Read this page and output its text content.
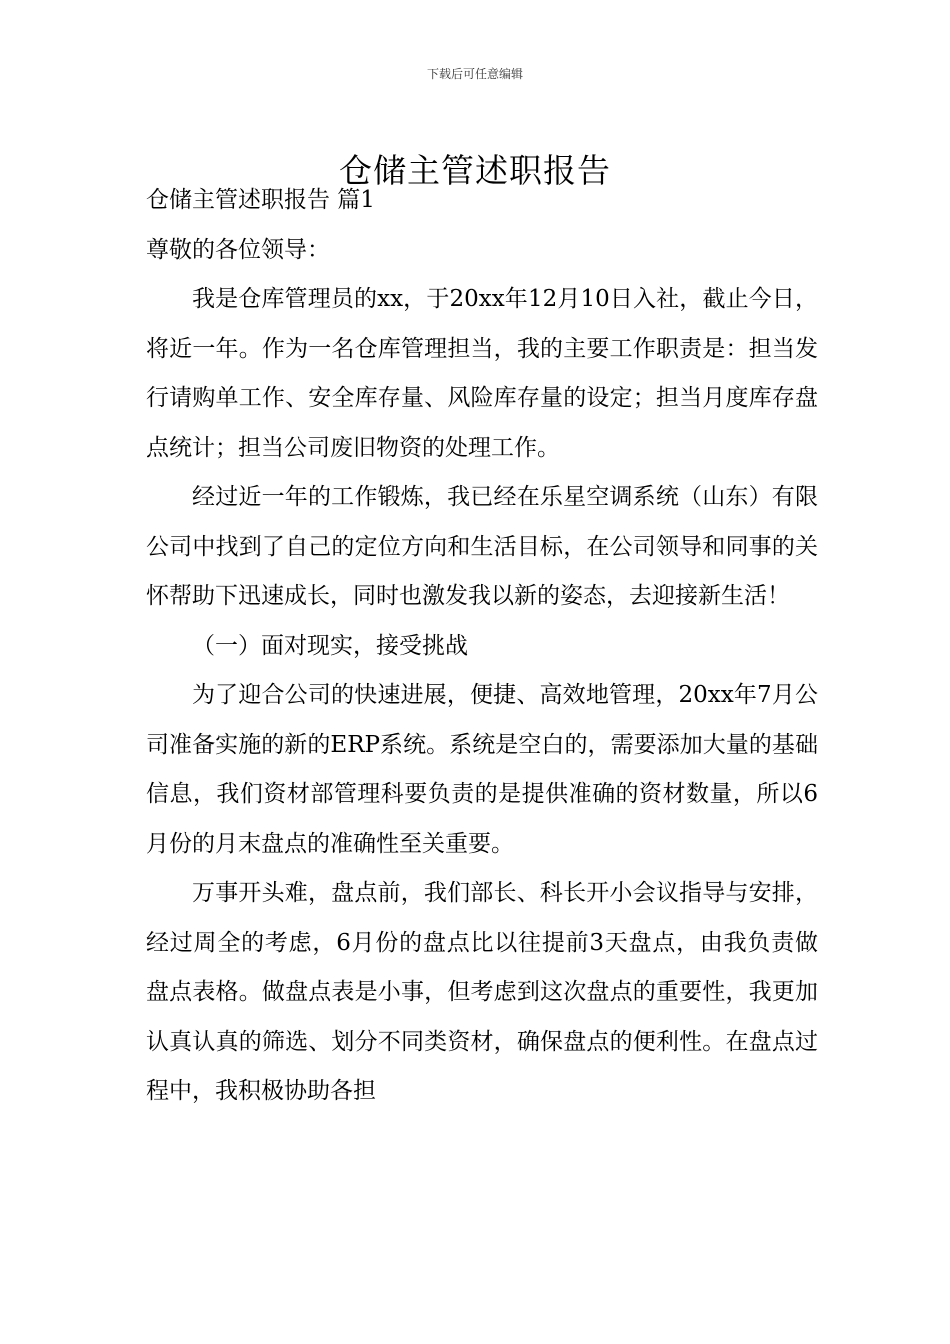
下载后可任意编辑
仓储主管述职报告

仓储主管述职报告 篇1

尊敬的各位领导：

我是仓库管理员的xx，于20xx年12月10日入社，截止今日，将近一年。作为一名仓库管理担当，我的主要工作职责是：担当发行请购单工作、安全库存量、风险库存量的设定；担当月度库存盘点统计；担当公司废旧物资的处理工作。

经过近一年的工作锻炼，我已经在乐星空调系统（山东）有限公司中找到了自己的定位方向和生活目标，在公司领导和同事的关怀帮助下迅速成长，同时也激发我以新的姿态，去迎接新生活！

（一）面对现实，接受挑战

为了迎合公司的快速进展，便捷、高效地管理，20xx年7月公司准备实施的新的ERP系统。系统是空白的，需要添加大量的基础信息，我们资材部管理科要负责的是提供准确的资材数量，所以6月份的月末盘点的准确性至关重要。

万事开头难，盘点前，我们部长、科长开小会议指导与安排，经过周全的考虑，6月份的盘点比以往提前3天盘点，由我负责做盘点表格。做盘点表是小事，但考虑到这次盘点的重要性，我更加认真认真的筛选、划分不同类资材，确保盘点的便利性。在盘点过程中，我积极协助各担
